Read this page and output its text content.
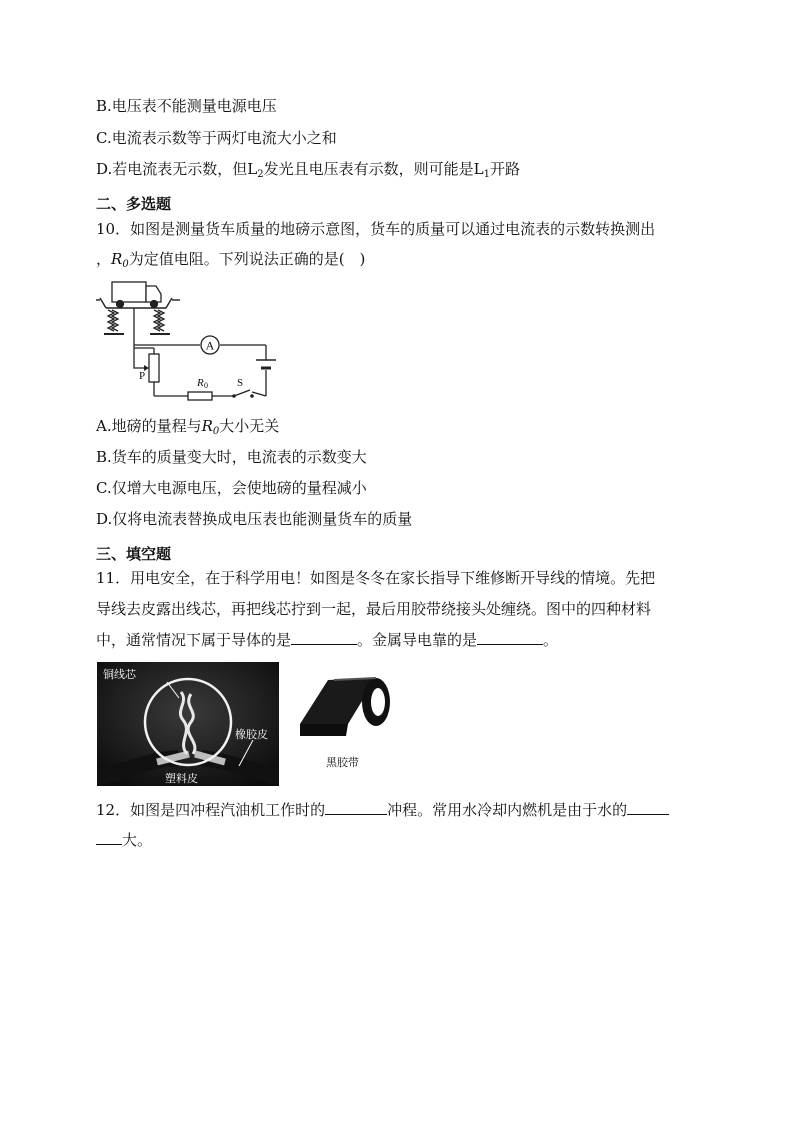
B.电压表不能测量电源电压
C.电流表示数等于两灯电流大小之和
D.若电流表无示数，但$L_2$发光且电压表有示数，则可能是$L_1$开路
二、多选题
10．如图是测量货车质量的地磅示意图，货车的质量可以通过电流表的示数转换测出
，$R_0$为定值电阻。下列说法正确的是(　)
A
P
R 0	S
A.地磅的量程与$R_0$大小无关
B.货车的质量变大时，电流表的示数变大
C.仅增大电源电压，会使地磅的量程减小
D.仅将电流表替换成电压表也能测量货车的质量
三、填空题
11．用电安全，在于科学用电！如图是冬冬在家长指导下维修断开导线的情境。先把
导线去皮露出线芯，再把线芯拧到一起，最后用胶带绕接头处缠绕。图中的四种材料
中，通常情况下属于导体的是	。金属导电靠的是	。
铜线芯
橡胶皮
塑料皮
黑胶带
12．如图是四冲程汽油机工作时的	冲程。常用水冷却内燃机是由于水的
大。
